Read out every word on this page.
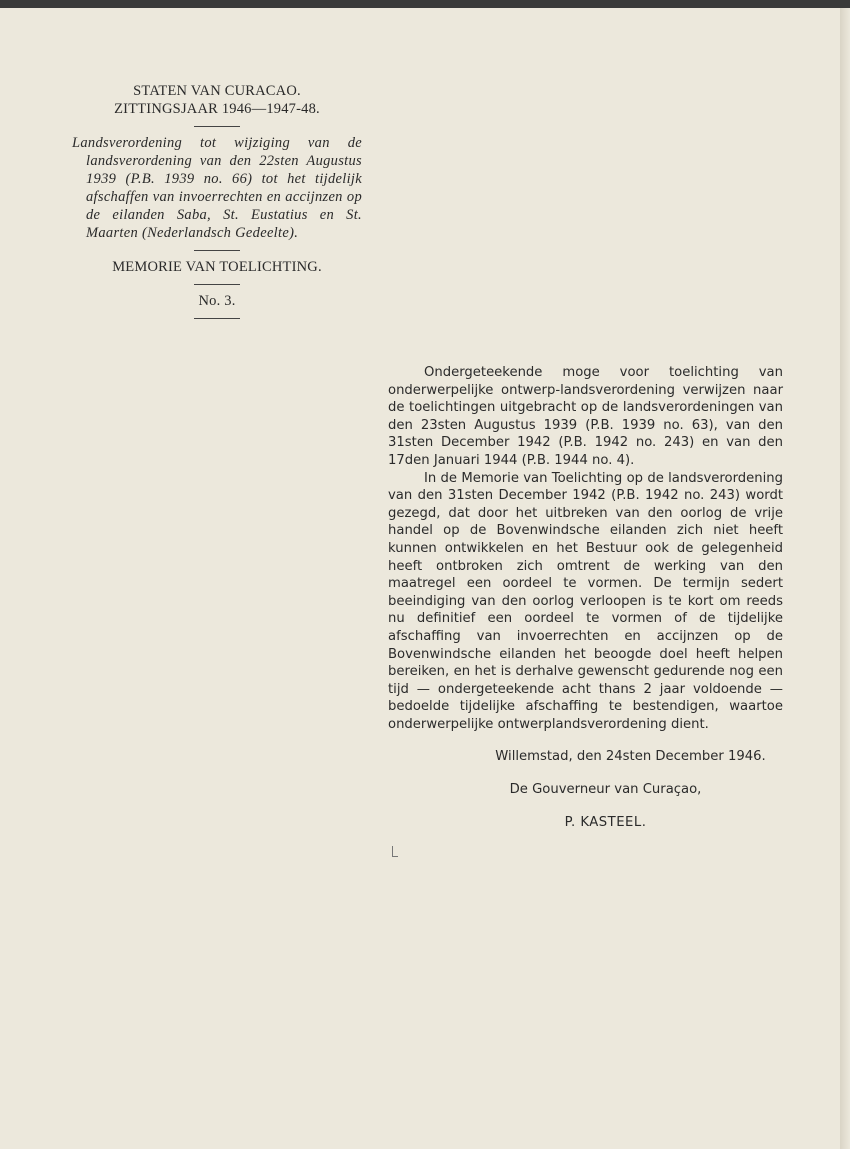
STATEN VAN CURACAO.
ZITTINGSJAAR 1946—1947-48.

Landsverordening tot wijziging van de landsverordening van den 22sten Augustus 1939 (P.B. 1939 no. 66) tot het tijdelijk afschaffen van invoerrechten en accijnzen op de eilanden Saba, St. Eustatius en St. Maarten (Nederlandsch Gedeelte).

MEMORIE VAN TOELICHTING.
No. 3.

Ondergeteekende moge voor toelichting van onderwerpelijke ontwerp-landsverordening verwijzen naar de toelichtingen uitgebracht op de landsverordeningen van den 23sten Augustus 1939 (P.B. 1939 no. 63), van den 31sten December 1942 (P.B. 1942 no. 243) en van den 17den Januari 1944 (P.B. 1944 no. 4).

In de Memorie van Toelichting op de landsverordening van den 31sten December 1942 (P.B. 1942 no. 243) wordt gezegd, dat door het uitbreken van den oorlog de vrije handel op de Bovenwindsche eilanden zich niet heeft kunnen ontwikkelen en het Bestuur ook de gelegenheid heeft ontbroken zich omtrent de werking van den maatregel een oordeel te vormen. De termijn sedert beeindiging van den oorlog verloopen is te kort om reeds nu definitief een oordeel te vormen of de tijdelijke afschaffing van invoerrechten en accijnzen op de Bovenwindsche eilanden het beoogde doel heeft helpen bereiken, en het is derhalve gewenscht gedurende nog een tijd — ondergeteekende acht thans 2 jaar voldoende — bedoelde tijdelijke afschaffing te bestendigen, waartoe onderwerpelijke ontwerplandsverordening dient.

Willemstad, den 24sten December 1946.

De Gouverneur van Curaçao,

P. KASTEEL.
